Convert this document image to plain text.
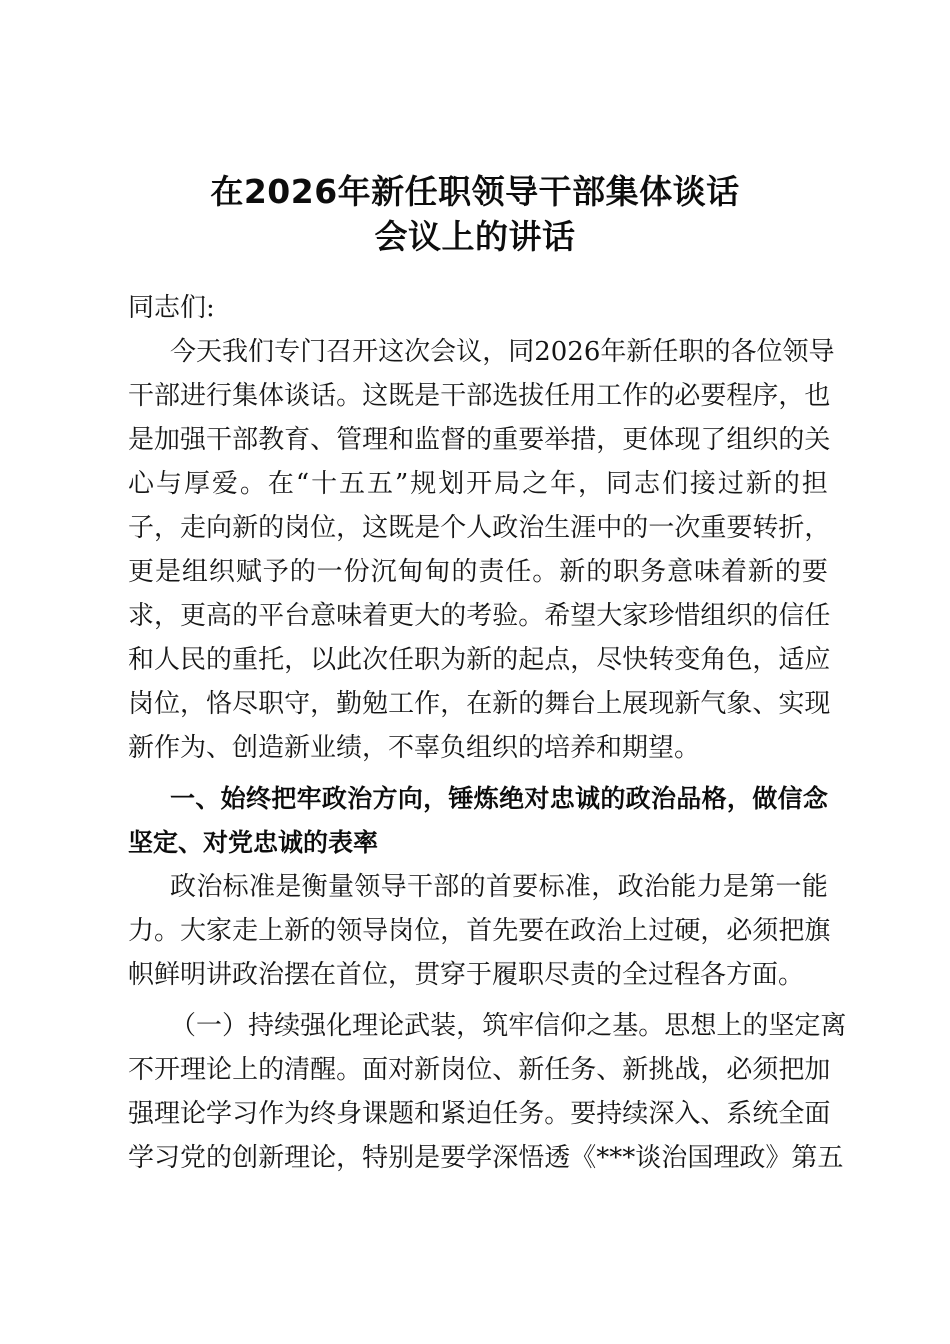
在2026年新任职领导干部集体谈话
会议上的讲话
同志们:
今 天 我 们 专 门 召 开 这 次 会 议 ， 同 2026 年 新 任 职 的 各 位 领 导
干 部 进 行 集 体 谈 话 。 这 既 是 干 部 选 拔 任 用 工 作 的 必 要 程 序 ， 也
是 加 强 干 部 教 育 、 管 理 和 监 督 的 重 要 举 措 ， 更 体 现 了 组 织 的 关
心 与 厚 爱 。 在 “ 十 五 五 ” 规 划 开 局 之 年 ， 同 志 们 接 过 新 的 担
子 ， 走 向 新 的 岗 位 ， 这 既 是 个 人 政 治 生 涯 中 的 一 次 重 要 转 折 ，
更 是 组 织 赋 予 的 一 份 沉 甸 甸 的 责 任 。 新 的 职 务 意 味 着 新 的 要
求 ， 更 高 的 平 台 意 味 着 更 大 的 考 验 。 希 望 大 家 珍 惜 组 织 的 信 任
和 人 民 的 重 托 ， 以 此 次 任 职 为 新 的 起 点 ， 尽 快 转 变 角 色 ， 适 应
岗 位 ， 恪 尽 职 守 ， 勤 勉 工 作 ， 在 新 的 舞 台 上 展 现 新 气 象 、 实 现
新作为、创造新业绩，不辜负组织的培养和期望。
一 、 始 终 把 牢 政 治 方 向 ， 锤 炼 绝 对 忠 诚 的 政 治 品 格 ， 做 信 念
坚定、对党忠诚的表率
政 治 标 准 是 衡 量 领 导 干 部 的 首 要 标 准 ， 政 治 能 力 是 第 一 能
力 。 大 家 走 上 新 的 领 导 岗 位 ， 首 先 要 在 政 治 上 过 硬 ， 必 须 把 旗
帜鲜明讲政治摆在首位，贯穿于履职尽责的全过程各方面。
（ 一 ） 持 续 强 化 理 论 武 装 ， 筑 牢 信 仰 之 基 。 思 想 上 的 坚 定 离
不 开 理 论 上 的 清 醒 。 面 对 新 岗 位 、 新 任 务 、 新 挑 战 ， 必 须 把 加
强 理 论 学 习 作 为 终 身 课 题 和 紧 迫 任 务 。 要 持 续 深 入 、 系 统 全 面
学 习 党 的 创 新 理 论 ， 特 别 是 要 学 深 悟 透 《 *** 谈 治 国 理 政 》 第 五
